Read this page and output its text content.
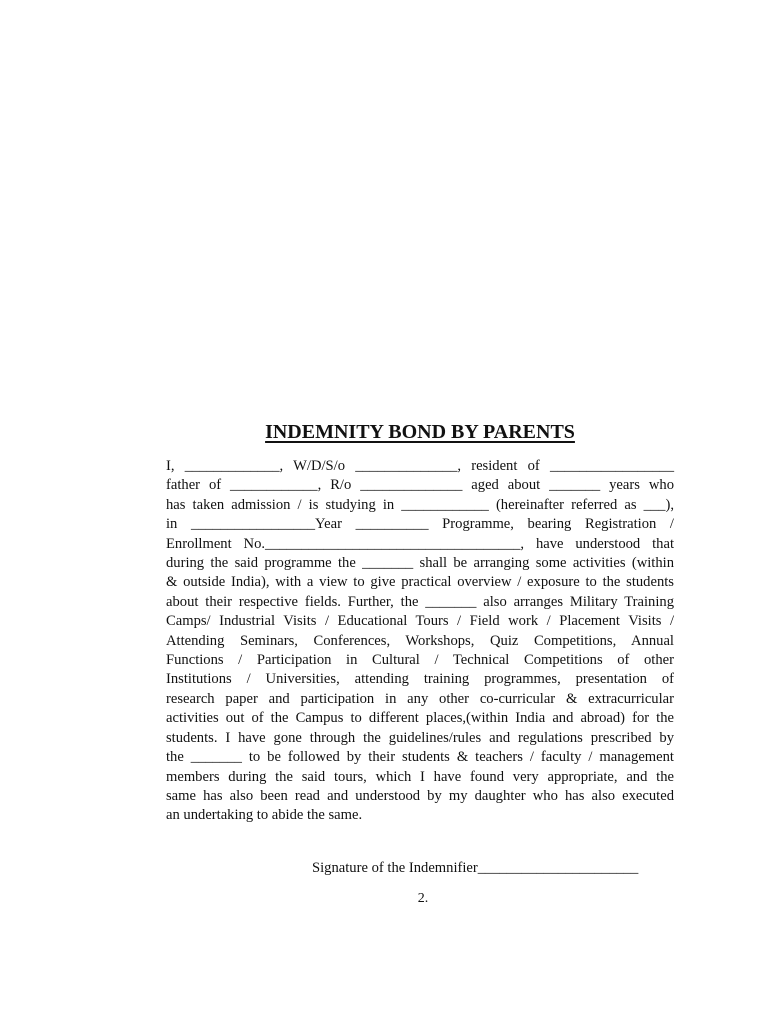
INDEMNITY BOND BY PARENTS
I, _____________, W/D/S/o ______________, resident of _________________
father of ____________, R/o ______________ aged about _______ years who
has taken admission / is studying in ____________ (hereinafter referred as ___),
in _________________Year __________ Programme, bearing Registration /
Enrollment No.___________________________________, have understood that
during the said programme the _______ shall be arranging some activities (within
& outside India), with a view to give practical overview / exposure to the students
about their respective fields. Further, the _______ also arranges Military Training
Camps/ Industrial Visits / Educational Tours / Field work / Placement Visits /
Attending Seminars, Conferences, Workshops, Quiz Competitions, Annual
Functions / Participation in Cultural / Technical Competitions of other
Institutions / Universities, attending training programmes, presentation of
research paper and participation in any other co-curricular & extracurricular
activities out of the Campus to different places,(within India and abroad) for the
students. I have gone through the guidelines/rules and regulations prescribed by
the _______ to be followed by their students & teachers / faculty / management
members during the said tours, which I have found very appropriate, and the
same has also been read and understood by my daughter who has also executed
an undertaking to abide the same.

Signature of the Indemnifier______________________

2.
